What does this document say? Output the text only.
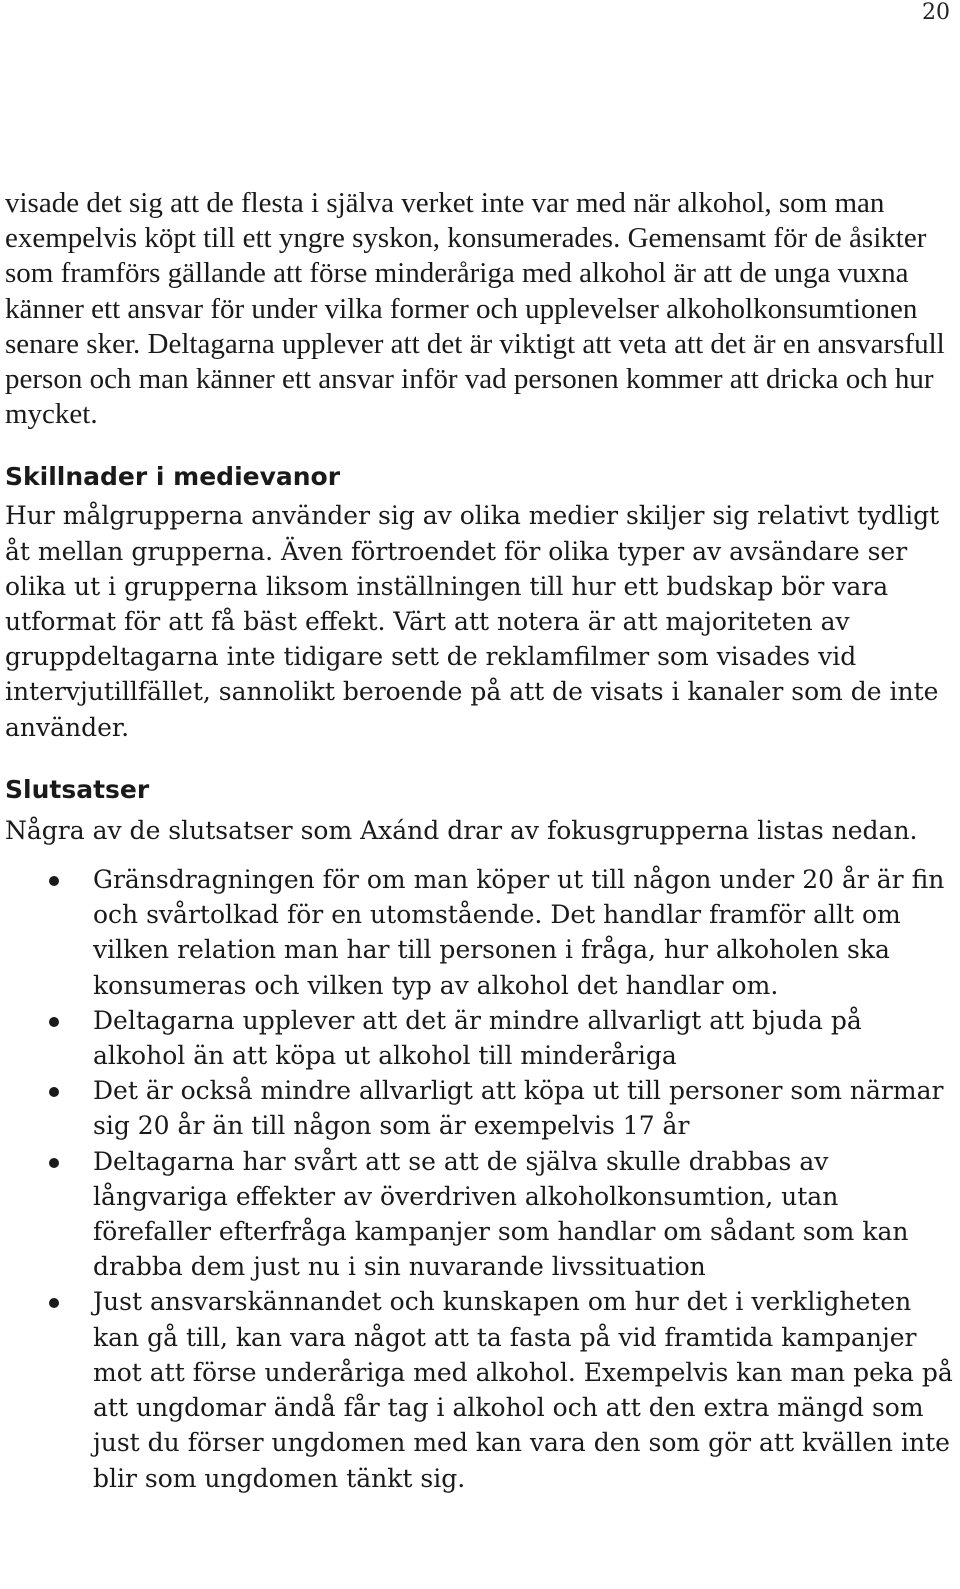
20

visade det sig att de flesta i själva verket inte var med när alkohol, som man exempelvis köpt till ett yngre syskon, konsumerades. Gemensamt för de åsikter som framförs gällande att förse minderåriga med alkohol är att de unga vuxna känner ett ansvar för under vilka former och upplevelser alkoholkonsumtionen senare sker. Deltagarna upplever att det är viktigt att veta att det är en ansvarsfull person och man känner ett ansvar inför vad personen kommer att dricka och hur mycket.

Skillnader i medievanor

Hur målgrupperna använder sig av olika medier skiljer sig relativt tydligt åt mellan grupperna. Även förtroendet för olika typer av avsändare ser olika ut i grupperna liksom inställningen till hur ett budskap bör vara utformat för att få bäst effekt. Värt att notera är att majoriteten av gruppdeltagarna inte tidigare sett de reklamfilmer som visades vid intervjutillfället, sannolikt beroende på att de visats i kanaler som de inte använder.

Slutsatser

Några av de slutsatser som Axánd drar av fokusgrupperna listas nedan.

Gränsdragningen för om man köper ut till någon under 20 år är fin och svårtolkad för en utomstående. Det handlar framför allt om vilken relation man har till personen i fråga, hur alkoholen ska konsumeras och vilken typ av alkohol det handlar om.
Deltagarna upplever att det är mindre allvarligt att bjuda på alkohol än att köpa ut alkohol till minderåriga
Det är också mindre allvarligt att köpa ut till personer som närmar sig 20 år än till någon som är exempelvis 17 år
Deltagarna har svårt att se att de själva skulle drabbas av långvariga effekter av överdriven alkoholkonsumtion, utan förefaller efterfråga kampanjer som handlar om sådant som kan drabba dem just nu i sin nuvarande livssituation
Just ansvarskännandet och kunskapen om hur det i verkligheten kan gå till, kan vara något att ta fasta på vid framtida kampanjer mot att förse underåriga med alkohol. Exempelvis kan man peka på att ungdomar ändå får tag i alkohol och att den extra mängd som just du förser ungdomen med kan vara den som gör att kvällen inte blir som ungdomen tänkt sig.
